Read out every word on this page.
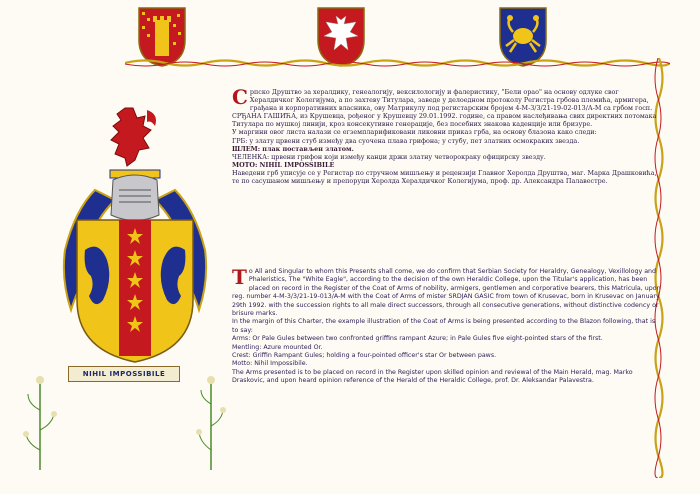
NIHIL IMPOSSIBILE
С рпско Друштво за хералдику, генеалогију, вексилологију и фалеристику, "Бели орао" на основу одлуке свог Хералдичког Колегијума, а по захтеву Титулара, заведе у делоедном протоколу Регистра грбова племића, армигера, грађана и корпоративних власника, ову Матрикулу под регистарским бројем 4-М-3/3/21-19-02-013/А-М са грбом госп. СРЂАНА ГАШИЋА, из Крушевца, рођеног у Крушевцу 29.01.1992. године, са правом наслеђивања свих директних потомака Титулара по мушкој линији, кроз консекутивне генерације, без посебних знакова каденције или бризуре.

У маргини овог листа налази се егземпларификовани ликовни приказ грба, на основу блазона како следи:

ГРБ: у злату црвени стуб између два суочена плава грифона; у стубу, пет златних осмокраких звезда.

ШЛЕМ: плак постављен златом.

ЧЕЛЕНКА: црвени грифон који између канџи држи златну четворокраку официрску звезду.

МОТО: NIHIL IMPOSSIBILE

Наведени грб уписује се у Регистар по стручном мишљењу и рецензији Главног Херолда Друштва, маг. Марка Драшковића, те по сасушаном мишљењу и препоруци Херолда Хералдичког Колегијума, проф. др. Александра Палавестре.

T o All and Singular to whom this Presents shall come, we do confirm that Serbian Society for Heraldry, Genealogy, Vexillology and Phaleristics, The "White Eagle", according to the decision of the own Heraldic College, upon the Titular's application, has been placed on record in the Register of the Coat of Arms of nobility, armigers, gentlemen and corporative bearers, this Matricula, upon reg. number 4-M-3/3/21-19-013/A-M with the Coat of Arms of mister SRDJAN GASIC from town of Krusevac, born in Krusevac on January 29th 1992. with the succession rights to all male direct successors, through all consecutive generations, without distinctive codency or brisure marks.

In the margin of this Charter, the example illustration of the Coat of Arms is being presented according to the Blazon following, that is to say:

Arms: Or Pale Gules between two confronted griffins rampant Azure; in Pale Gules five eight-pointed stars of the first.

Mentling: Azure mounted Or.

Crest: Griffin Rampant Gules; holding a four-pointed officer's star Or between paws.

Motto: Nihil Impossibile.

The Arms presented is to be placed on record in the Register upon skilled opinion and reviewal of the Main Herald, mag. Marko Draskovic, and upon heard opinion reference of the Herald of the Heraldic College, prof. Dr. Aleksandar Palavestra.
